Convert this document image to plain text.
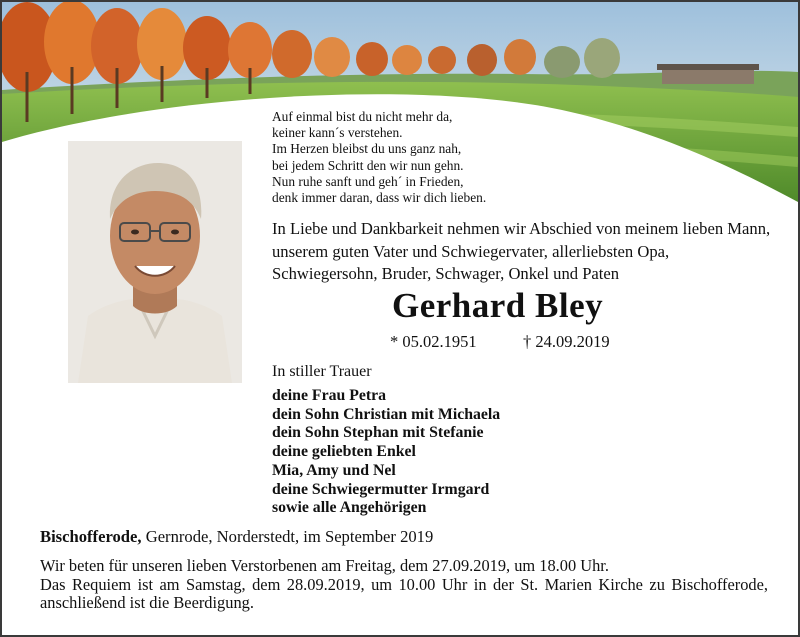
Auf einmal bist du nicht mehr da,
keiner kann´s verstehen.
Im Herzen bleibst du uns ganz nah,
bei jedem Schritt den wir nun gehn.
Nun ruhe sanft und geh´ in Frieden,
denk immer daran, dass wir dich lieben.
In Liebe und Dankbarkeit nehmen wir Abschied von meinem lieben Mann, unserem guten Vater und Schwiegervater, allerliebsten Opa, Schwiegersohn, Bruder, Schwager, Onkel und Paten
Gerhard Bley
* 05.02.1951	† 24.09.2019
In stiller Trauer
deine Frau Petra
dein Sohn Christian mit Michaela
dein Sohn Stephan mit Stefanie
deine geliebten Enkel
Mia, Amy und Nel
deine Schwiegermutter Irmgard
sowie alle Angehörigen
Bischofferode, Gernrode, Norderstedt, im September 2019

Wir beten für unseren lieben Verstorbenen am Freitag, dem 27.09.2019, um 18.00 Uhr.

Das Requiem ist am Samstag, dem 28.09.2019, um 10.00 Uhr in der St. Marien Kirche zu Bischofferode, anschließend ist die Beerdigung.
